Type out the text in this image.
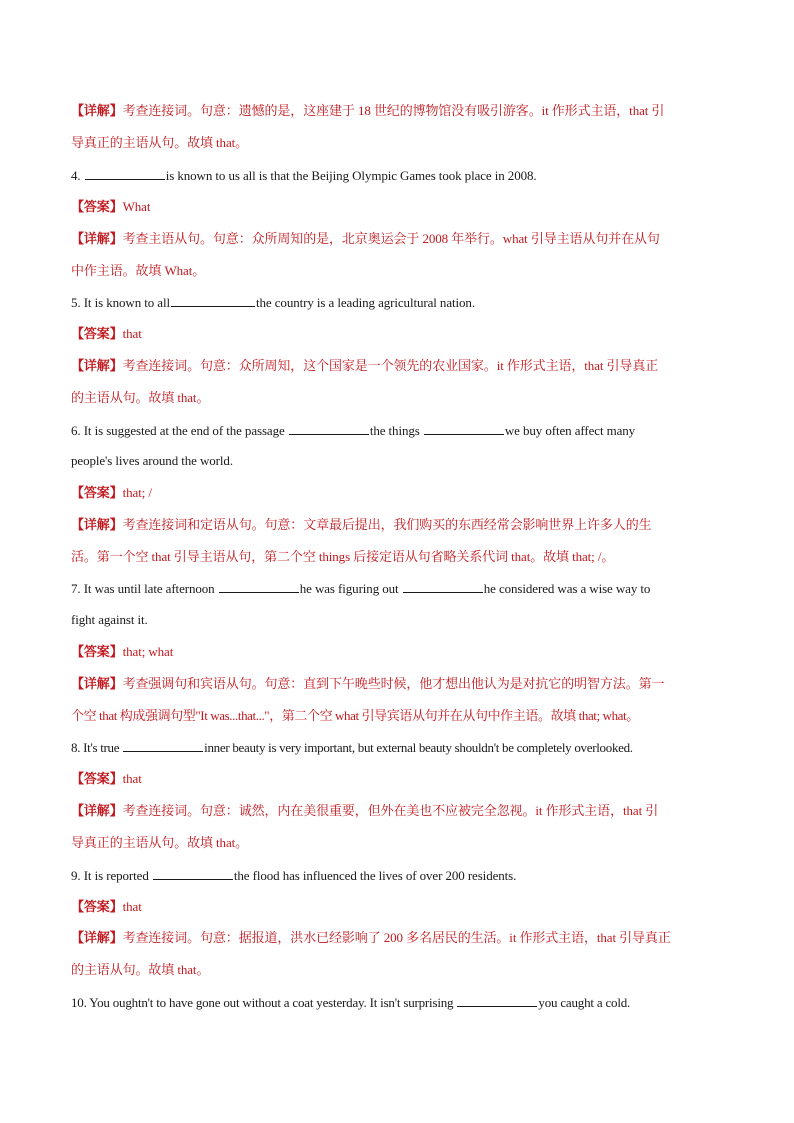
【详解】考查连接词。句意：遗憾的是，这座建于 18 世纪的博物馆没有吸引游客。it 作形式主语，that 引
导真正的主语从句。故填 that。
4.	is known to us all is that the Beijing Olympic Games took place in 2008.
【答案】What
【详解】考查主语从句。句意：众所周知的是，北京奥运会于 2008 年举行。what 引导主语从句并在从句
中作主语。故填 What。
5. It is known to all	the country is a leading agricultural nation.
【答案】that
【详解】考查连接词。句意：众所周知，这个国家是一个领先的农业国家。it 作形式主语，that 引导真正
的主语从句。故填 that。
6. It is suggested at the end of the passage	the things	we buy often affect many
people's lives around the world.
【答案】that; /
【详解】考查连接词和定语从句。句意：文章最后提出，我们购买的东西经常会影响世界上许多人的生
活。第一个空 that 引导主语从句，第二个空 things 后接定语从句省略关系代词 that。故填 that; /。
7. It was until late afternoon	he was figuring out	he considered was a wise way to
fight against it.
【答案】that; what
【详解】考查强调句和宾语从句。句意：直到下午晚些时候，他才想出他认为是对抗它的明智方法。第一
个空 that 构成强调句型"It was...that..."，第二个空 what 引导宾语从句并在从句中作主语。故填 that; what。
8. It's true	inner beauty is very important, but external beauty shouldn't be completely overlooked.
【答案】that
【详解】考查连接词。句意：诚然，内在美很重要，但外在美也不应被完全忽视。it 作形式主语，that 引
导真正的主语从句。故填 that。
9. It is reported	the flood has influenced the lives of over 200 residents.
【答案】that
【详解】考查连接词。句意：据报道，洪水已经影响了 200 多名居民的生活。it 作形式主语，that 引导真正
的主语从句。故填 that。
10. You oughtn't to have gone out without a coat yesterday. It isn't surprising	you caught a cold.
